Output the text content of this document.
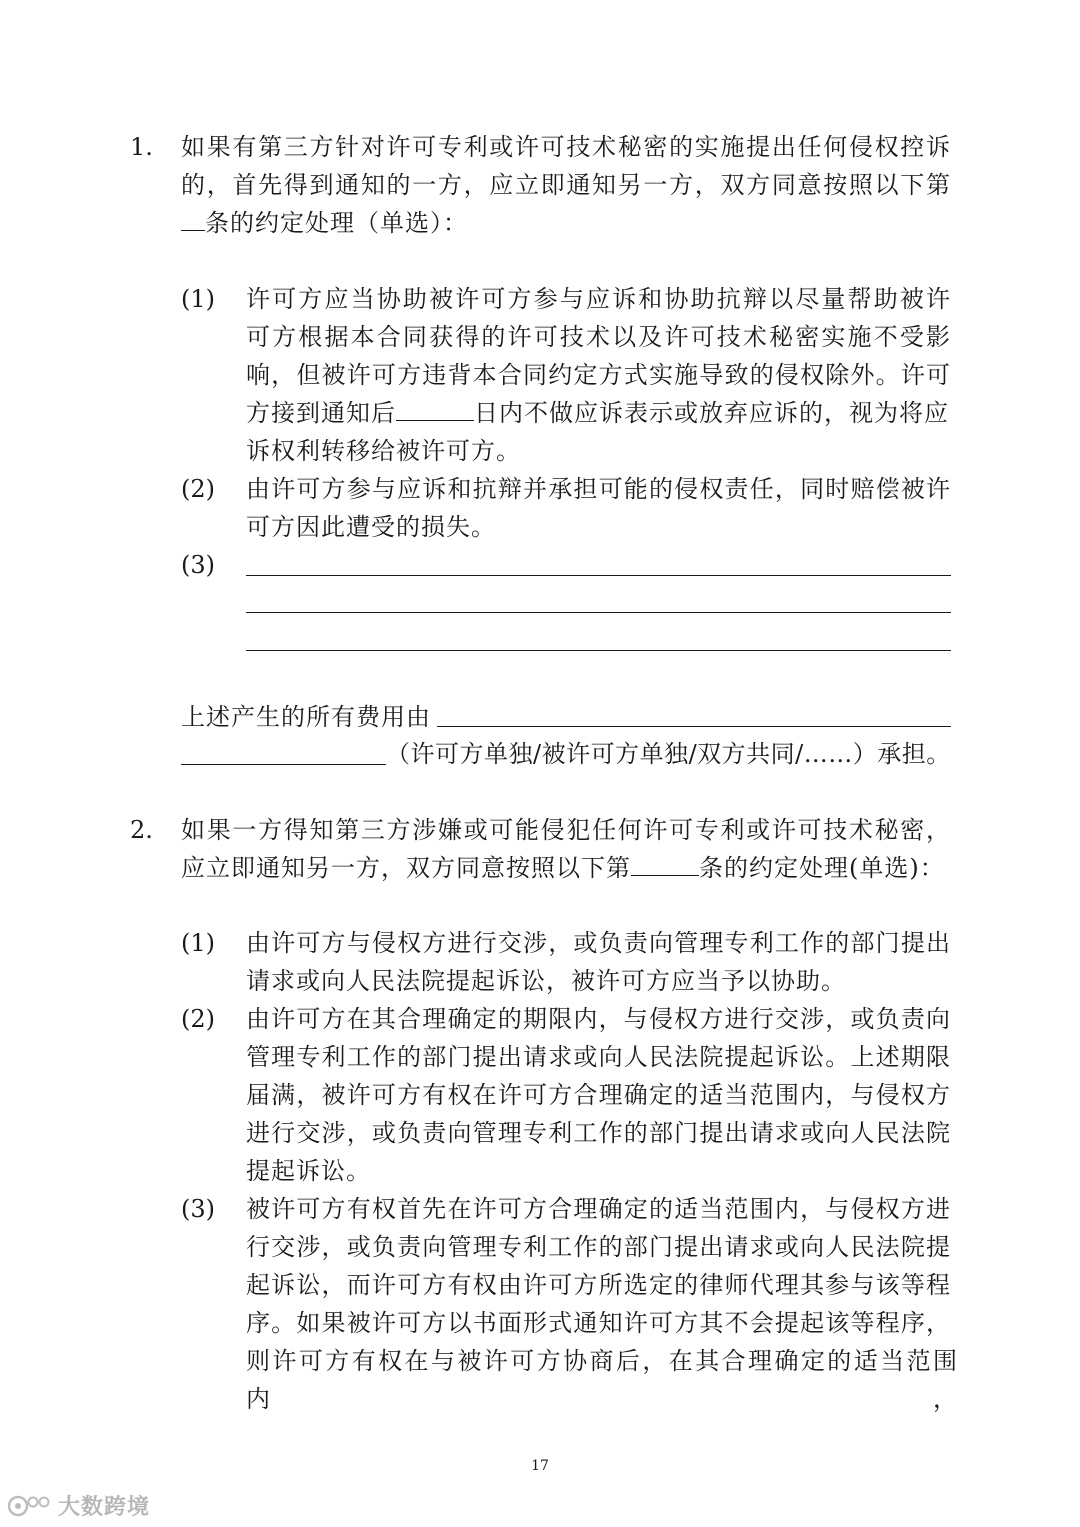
1. 如果有第三方针对许可专利或许可技术秘密的实施提出任何侵权控诉
的，首先得到通知的一方，应立即通知另一方，双方同意按照以下第
条的约定处理（单选）：
(1) 许可方应当协助被许可方参与应诉和协助抗辩以尽量帮助被许
可方根据本合同获得的许可技术以及许可技术秘密实施不受影
响，但被许可方违背本合同约定方式实施导致的侵权除外。许可
方接到通知后	日内不做应诉表示或放弃应诉的，视为将应
诉权利转移给被许可方。
(2) 由许可方参与应诉和抗辩并承担可能的侵权责任，同时赔偿被许
可方因此遭受的损失。
(3)
上述产生的所有费用由
（许可方单独/被许可方单独/双方共同/……）承担。
2. 如果一方得知第三方涉嫌或可能侵犯任何许可专利或许可技术秘密，
应立即通知另一方，双方同意按照以下第	条的约定处理(单选)：
(1) 由许可方与侵权方进行交涉，或负责向管理专利工作的部门提出
请求或向人民法院提起诉讼，被许可方应当予以协助。
(2) 由许可方在其合理确定的期限内，与侵权方进行交涉，或负责向
管理专利工作的部门提出请求或向人民法院提起诉讼。上述期限
届满，被许可方有权在许可方合理确定的适当范围内，与侵权方
进行交涉，或负责向管理专利工作的部门提出请求或向人民法院
提起诉讼。
(3) 被许可方有权首先在许可方合理确定的适当范围内，与侵权方进
行交涉，或负责向管理专利工作的部门提出请求或向人民法院提
起诉讼，而许可方有权由许可方所选定的律师代理其参与该等程
序。如果被许可方以书面形式通知许可方其不会提起该等程序，
则许可方有权在与被许可方协商后，在其合理确定的适当范围内，
17
大数跨境
